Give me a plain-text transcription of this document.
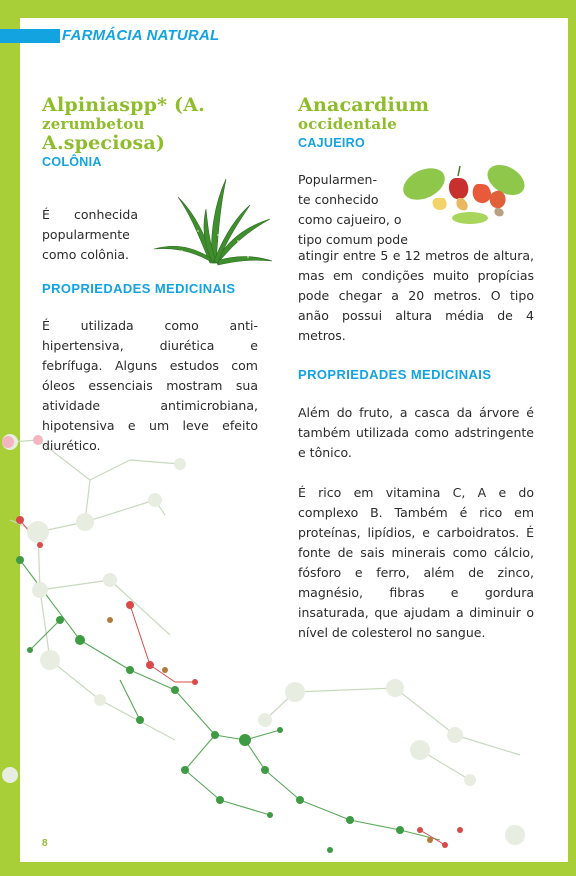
FARMÁCIA NATURAL
Alpiniaspp* (A.
zerumbetou
A.speciosa)
COLÔNIA
É conhecida popularmente como colônia.
PROPRIEDADES MEDICINAIS
É utilizada como anti-hipertensiva, diurética e febrífuga. Alguns estudos com óleos essenciais mostram sua atividade antimicrobiana, hipotensiva e um leve efeito diurético.
Anacardium
occidentale
CAJUEIRO
Popularmen-
te conhecido
como cajueiro, o
tipo comum pode
atingir entre 5 e 12 metros de altura, mas em condições muito propícias pode chegar a 20 metros. O tipo anão possui altura média de 4 metros.
PROPRIEDADES MEDICINAIS
Além do fruto, a casca da árvore é também utilizada como adstringente e tônico.
É rico em vitamina C, A e do complexo B. Também é rico em proteínas, lipídios, e carboidratos. É fonte de sais minerais como cálcio, fósforo e ferro, além de zinco, magnésio, fibras e gordura insaturada, que ajudam a diminuir o nível de colesterol no sangue.
8
